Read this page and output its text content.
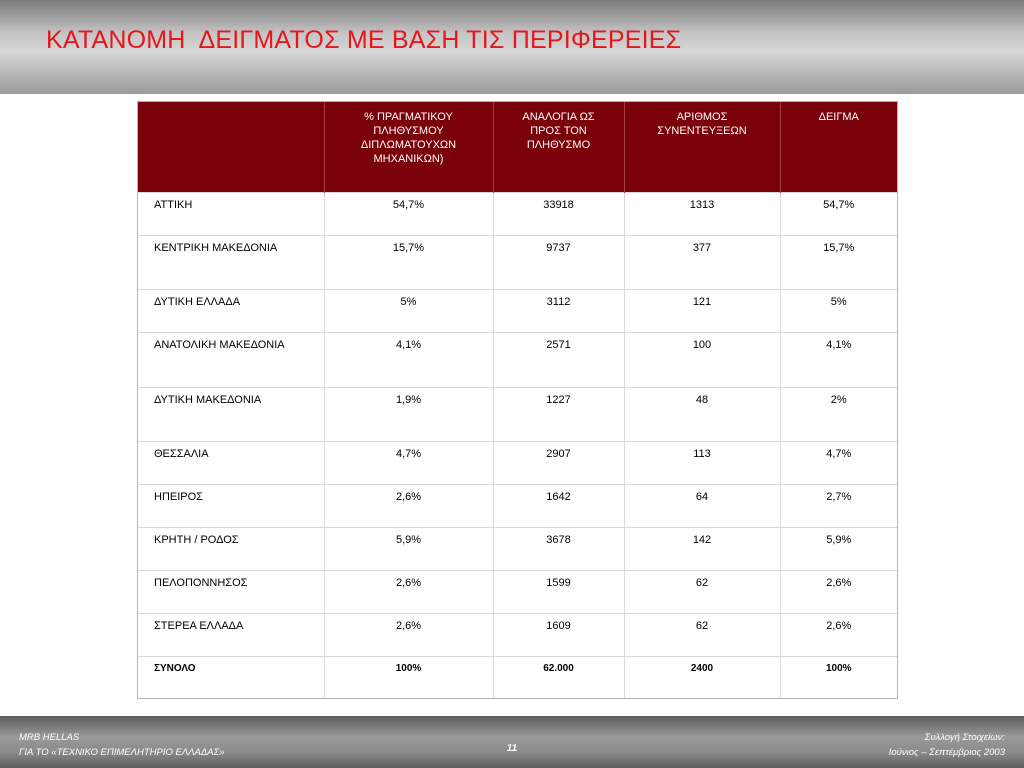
ΚΑΤΑΝΟΜΗ  ΔΕΙΓΜΑΤΟΣ ΜΕ ΒΑΣΗ ΤΙΣ ΠΕΡΙΦΕΡΕΙΕΣ
	% ΠΡΑΓΜΑΤΙΚΟΥ ΠΛΗΘΥΣΜΟΥ ΔΙΠΛΩΜΑΤΟΥΧΩΝ ΜΗΧΑΝΙΚΩΝ)	ΑΝΑΛΟΓΙΑ ΩΣ ΠΡΟΣ ΤΟΝ ΠΛΗΘΥΣΜΟ	ΑΡΙΘΜΟΣ ΣΥΝΕΝΤΕΥΞΕΩΝ	ΔΕΙΓΜΑ
ΑΤΤΙΚΗ	54,7%	33918	1313	54,7%
ΚΕΝΤΡΙΚΗ ΜΑΚΕΔΟΝΙΑ	15,7%	9737	377	15,7%
ΔΥΤΙΚΗ ΕΛΛΑΔΑ	5%	3112	121	5%
ΑΝΑΤΟΛΙΚΗ ΜΑΚΕΔΟΝΙΑ	4,1%	2571	100	4,1%
ΔΥΤΙΚΗ ΜΑΚΕΔΟΝΙΑ	1,9%	1227	48	2%
ΘΕΣΣΑΛΙΑ	4,7%	2907	113	4,7%
ΗΠΕΙΡΟΣ	2,6%	1642	64	2,7%
ΚΡΗΤΗ / ΡΟΔΟΣ	5,9%	3678	142	5,9%
ΠΕΛΟΠΟΝΝΗΣΟΣ	2,6%	1599	62	2,6%
ΣΤΕΡΕΑ ΕΛΛΑΔΑ	2,6%	1609	62	2,6%
ΣΥΝΟΛΟ	100%	62.000	2400	100%
MRB HELLAS
ΓΙΑ ΤΟ «ΤΕΧΝΙΚΟ ΕΠΙΜΕΛΗΤΗΡΙΟ ΕΛΛΑΔΑΣ»	11
Συλλογή Στοιχείων:
Ιούνιος – Σεπτέμβριος 2003
